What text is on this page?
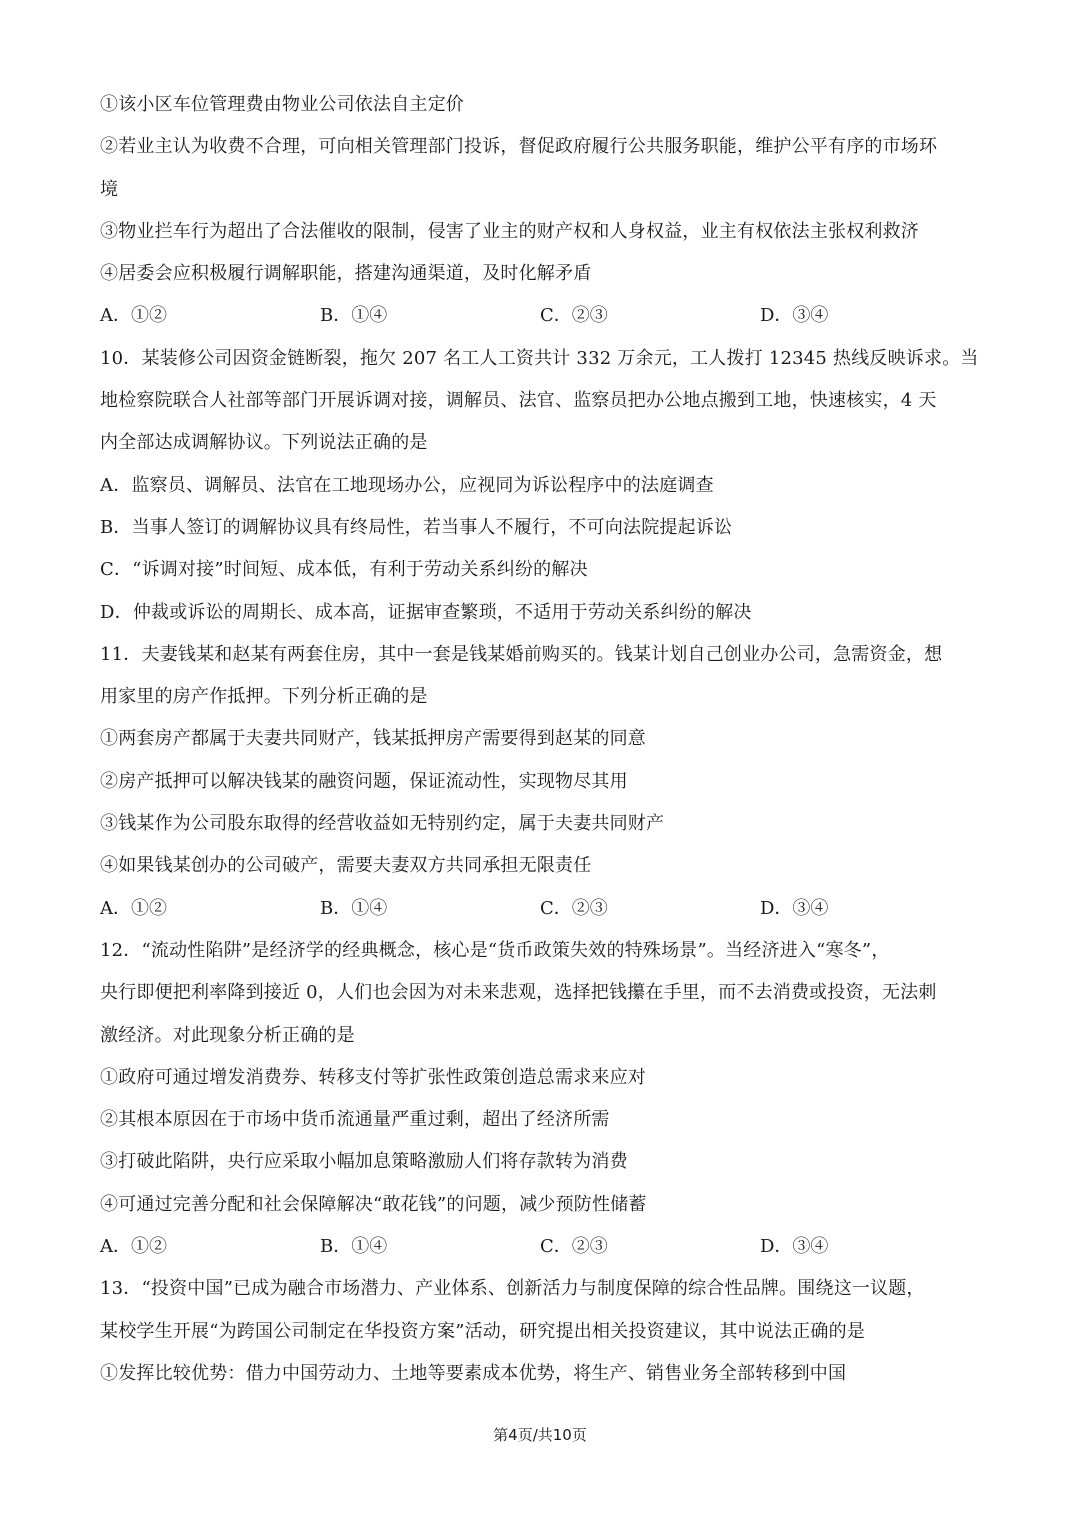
①该小区车位管理费由物业公司依法自主定价
②若业主认为收费不合理，可向相关管理部门投诉，督促政府履行公共服务职能，维护公平有序的市场环
境
③物业拦车行为超出了合法催收的限制，侵害了业主的财产权和人身权益，业主有权依法主张权利救济
④居委会应积极履行调解职能，搭建沟通渠道，及时化解矛盾
A．①②	B．①④	C．②③	D．③④
10．某装修公司因资金链断裂，拖欠 207 名工人工资共计 332 万余元，工人拨打 12345 热线反映诉求。当
地检察院联合人社部等部门开展诉调对接，调解员、法官、监察员把办公地点搬到工地，快速核实，4 天
内全部达成调解协议。下列说法正确的是
A．监察员、调解员、法官在工地现场办公，应视同为诉讼程序中的法庭调查
B．当事人签订的调解协议具有终局性，若当事人不履行，不可向法院提起诉讼
C．“诉调对接”时间短、成本低，有利于劳动关系纠纷的解决
D．仲裁或诉讼的周期长、成本高，证据审查繁琐，不适用于劳动关系纠纷的解决
11．夫妻钱某和赵某有两套住房，其中一套是钱某婚前购买的。钱某计划自己创业办公司，急需资金，想
用家里的房产作抵押。下列分析正确的是
①两套房产都属于夫妻共同财产，钱某抵押房产需要得到赵某的同意
②房产抵押可以解决钱某的融资问题，保证流动性，实现物尽其用
③钱某作为公司股东取得的经营收益如无特别约定，属于夫妻共同财产
④如果钱某创办的公司破产，需要夫妻双方共同承担无限责任
A．①②	B．①④	C．②③	D．③④
12．“流动性陷阱”是经济学的经典概念，核心是“货币政策失效的特殊场景”。当经济进入“寒冬”，
央行即便把利率降到接近 0，人们也会因为对未来悲观，选择把钱攥在手里，而不去消费或投资，无法刺
激经济。对此现象分析正确的是
①政府可通过增发消费券、转移支付等扩张性政策创造总需求来应对
②其根本原因在于市场中货币流通量严重过剩，超出了经济所需
③打破此陷阱，央行应采取小幅加息策略激励人们将存款转为消费
④可通过完善分配和社会保障解决“敢花钱”的问题，减少预防性储蓄
A．①②	B．①④	C．②③	D．③④
13．“投资中国”已成为融合市场潜力、产业体系、创新活力与制度保障的综合性品牌。围绕这一议题，
某校学生开展“为跨国公司制定在华投资方案”活动，研究提出相关投资建议，其中说法正确的是
①发挥比较优势：借力中国劳动力、土地等要素成本优势，将生产、销售业务全部转移到中国
第4页/共10页
